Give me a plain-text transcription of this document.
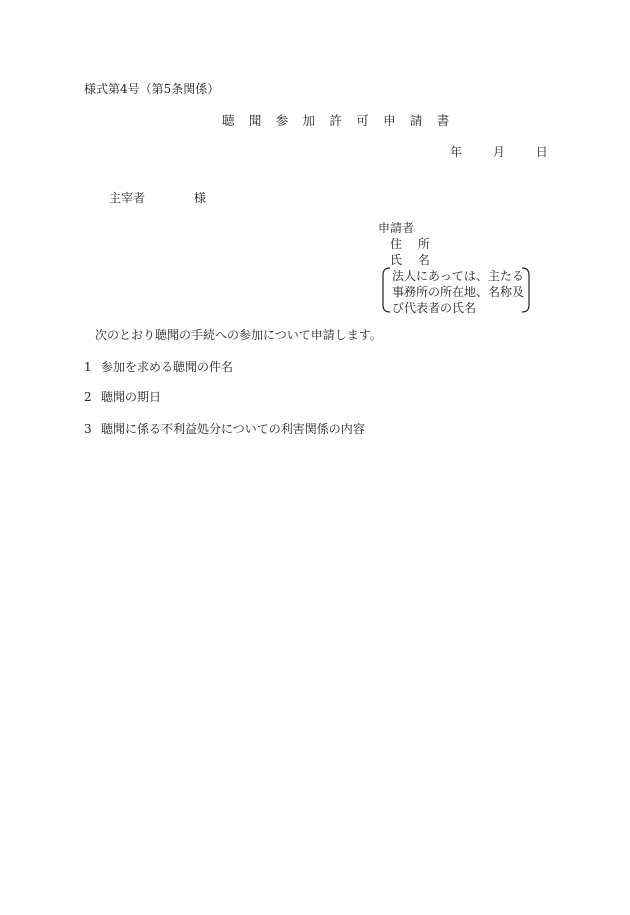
様式第4号（第5条関係）
聴 聞 参 加 許 可 申 請 書
年	月	日
主宰者	様
申請者
住 所
氏 名
法人にあっては、主たる
事務所の所在地、名称及
び代表者の氏名
次のとおり聴聞の手続への参加について申請します。
1 参加を求める聴聞の件名
2 聴聞の期日
3 聴聞に係る不利益処分についての利害関係の内容
